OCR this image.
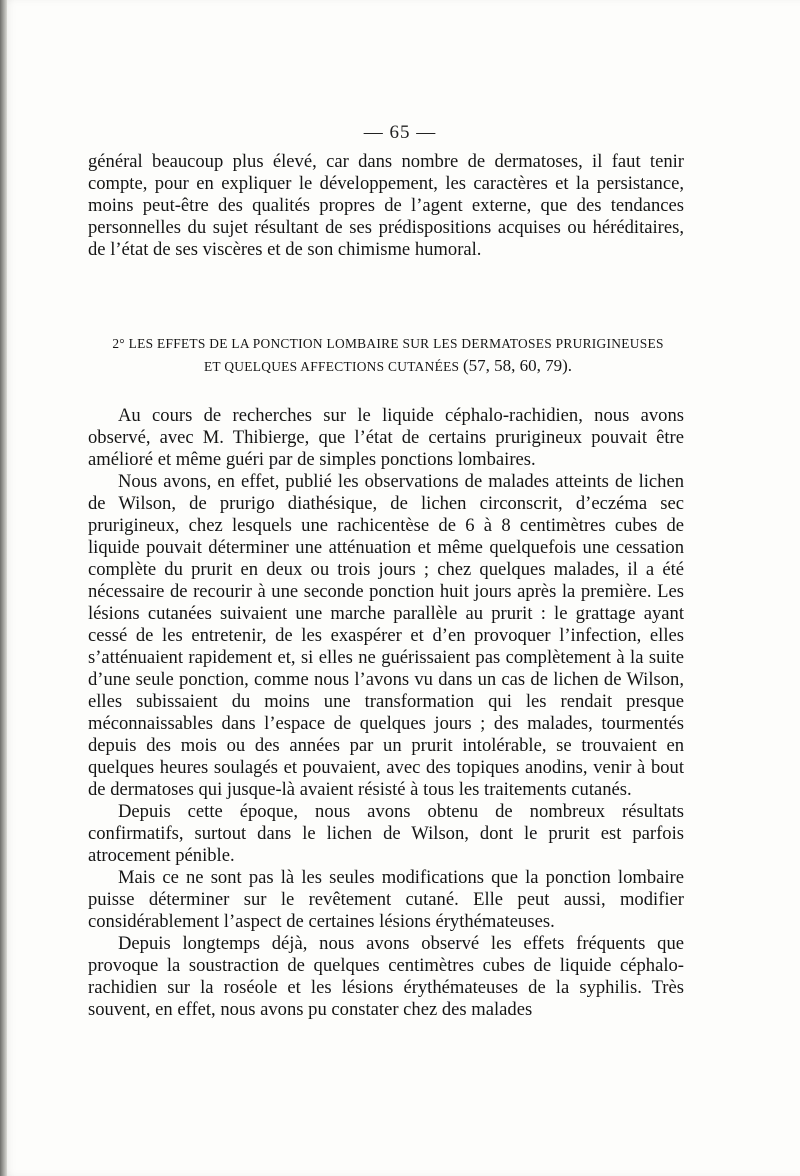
— 65 —

général beaucoup plus élevé, car dans nombre de dermatoses, il faut tenir compte, pour en expliquer le développement, les caractères et la persistance, moins peut-être des qualités propres de l’agent externe, que des tendances personnelles du sujet résultant de ses prédispositions acquises ou héréditaires, de l’état de ses viscères et de son chimisme humoral.

2° LES EFFETS DE LA PONCTION LOMBAIRE SUR LES DERMATOSES PRURIGINEUSES
ET QUELQUES AFFECTIONS CUTANÉES (57, 58, 60, 79).

Au cours de recherches sur le liquide céphalo-rachidien, nous avons observé, avec M. Thibierge, que l’état de certains prurigineux pouvait être amélioré et même guéri par de simples ponctions lombaires.

Nous avons, en effet, publié les observations de malades atteints de lichen de Wilson, de prurigo diathésique, de lichen circonscrit, d’eczéma sec prurigineux, chez lesquels une rachicentèse de 6 à 8 centimètres cubes de liquide pouvait déterminer une atténuation et même quelquefois une cessation complète du prurit en deux ou trois jours ; chez quelques malades, il a été nécessaire de recourir à une seconde ponction huit jours après la première. Les lésions cutanées suivaient une marche parallèle au prurit : le grattage ayant cessé de les entretenir, de les exaspérer et d’en provoquer l’infection, elles s’atténuaient rapidement et, si elles ne guérissaient pas complètement à la suite d’une seule ponction, comme nous l’avons vu dans un cas de lichen de Wilson, elles subissaient du moins une transformation qui les rendait presque méconnaissables dans l’espace de quelques jours ; des malades, tourmentés depuis des mois ou des années par un prurit intolérable, se trouvaient en quelques heures soulagés et pouvaient, avec des topiques anodins, venir à bout de dermatoses qui jusque-là avaient résisté à tous les traitements cutanés.

Depuis cette époque, nous avons obtenu de nombreux résultats confirmatifs, surtout dans le lichen de Wilson, dont le prurit est parfois atrocement pénible.

Mais ce ne sont pas là les seules modifications que la ponction lombaire puisse déterminer sur le revêtement cutané. Elle peut aussi, modifier considérablement l’aspect de certaines lésions érythémateuses.

Depuis longtemps déjà, nous avons observé les effets fréquents que provoque la soustraction de quelques centimètres cubes de liquide céphalo-rachidien sur la roséole et les lésions érythémateuses de la syphilis. Très souvent, en effet, nous avons pu constater chez des malades
